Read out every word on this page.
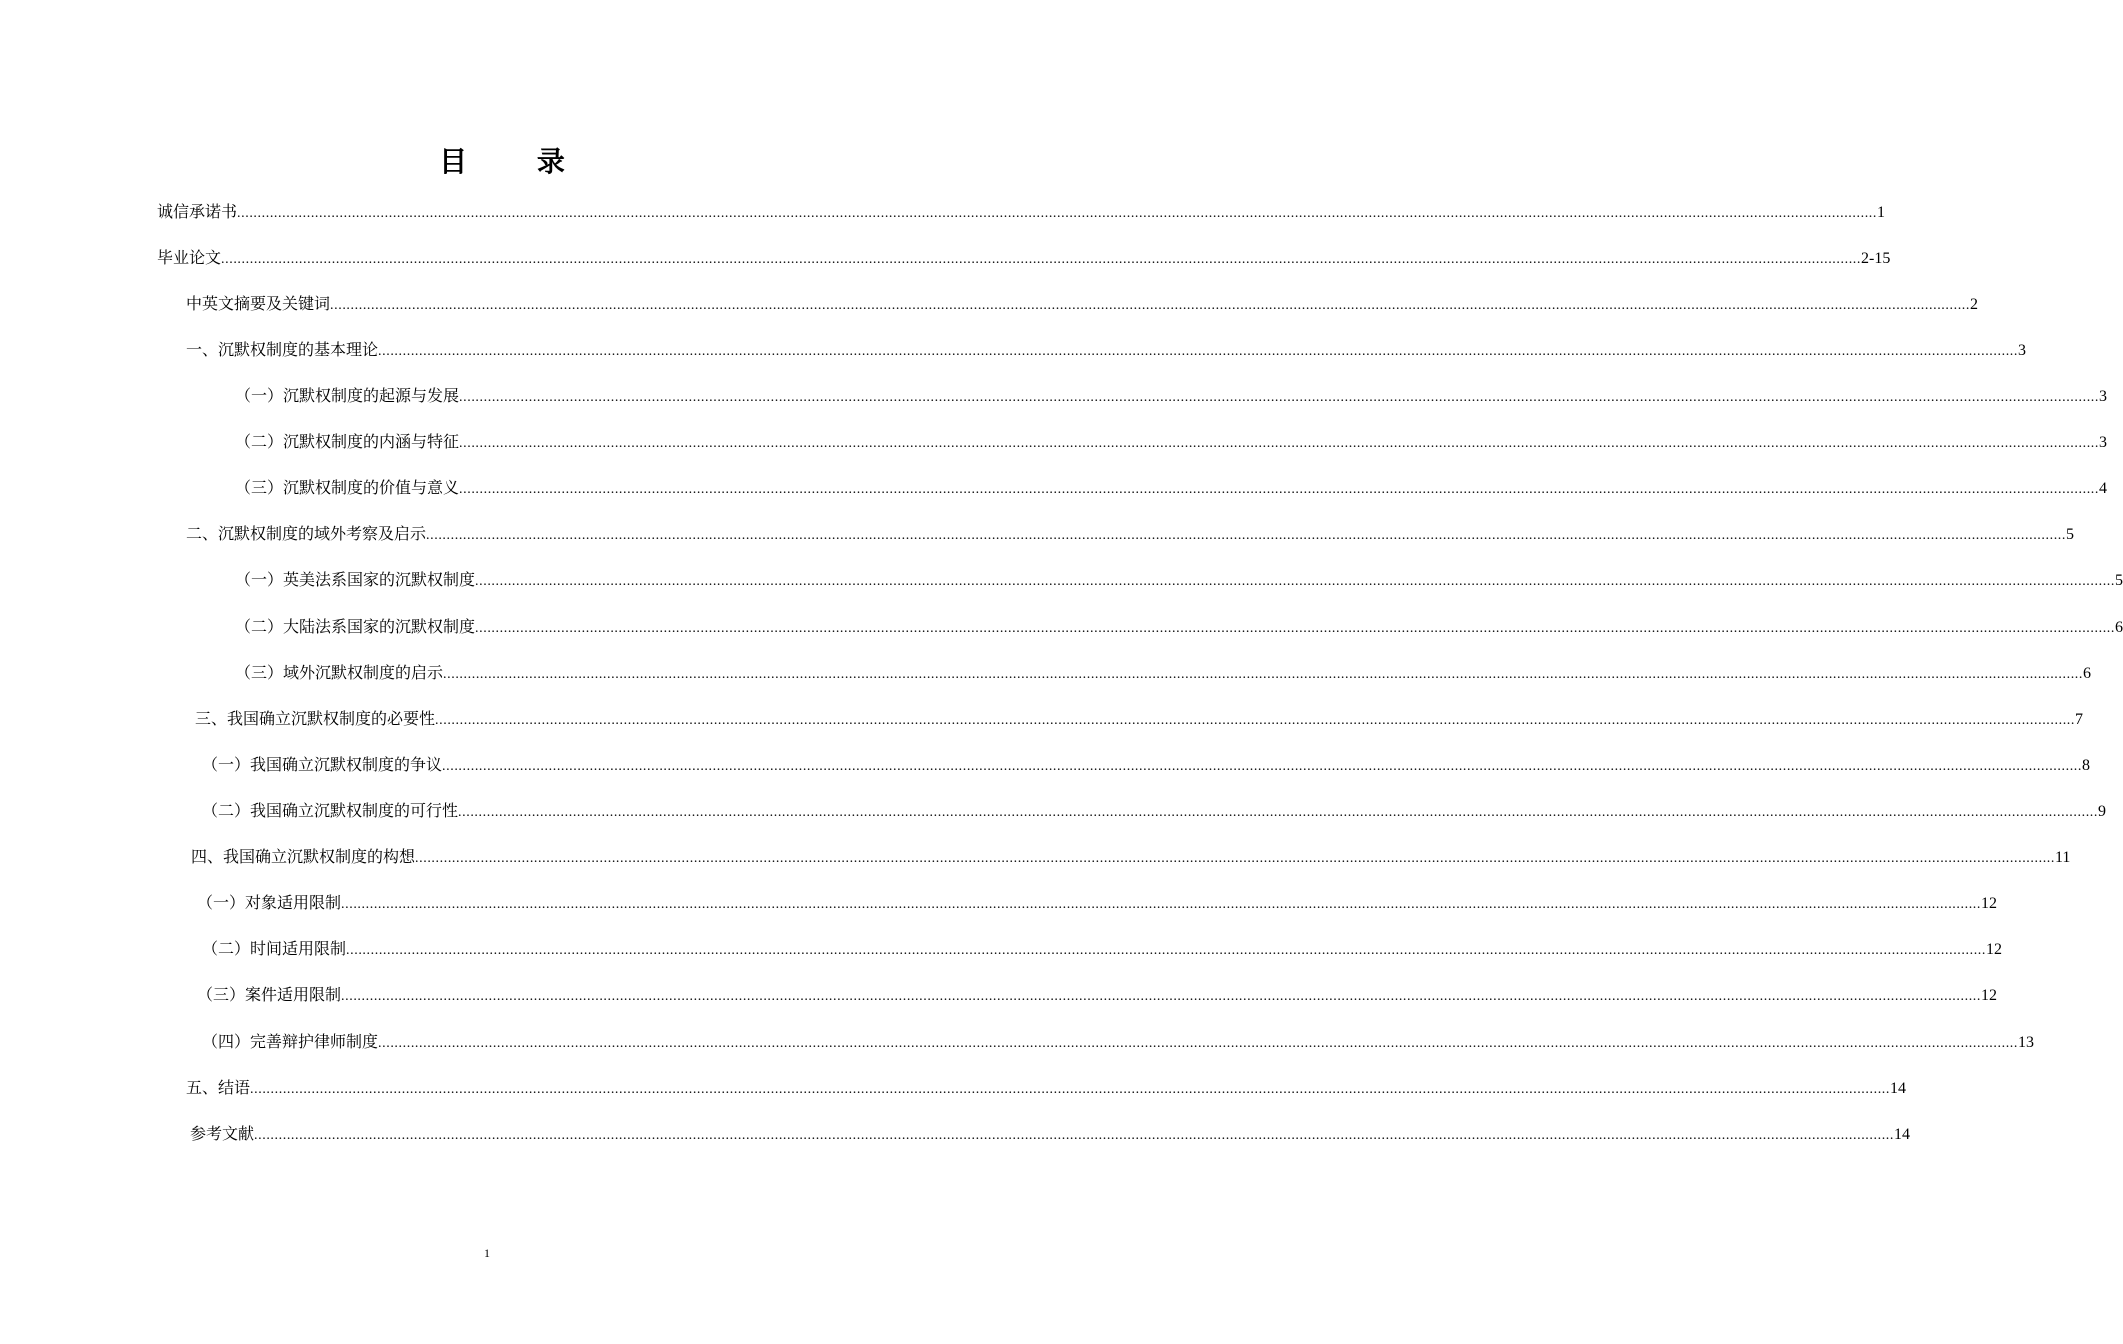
目 录
诚信承诺书 ................................................................................................................................................................................................................................................................................................................................................................................................................ 1
毕业论文 ................................................................................................................................................................................................................................................................................................................................................................................................................ 2-15
中英文摘要及关键词 ................................................................................................................................................................................................................................................................................................................................................................................................................ 2
一、沉默权制度的基本理论 ................................................................................................................................................................................................................................................................................................................................................................................................................ 3
（一）沉默权制度的起源与发展 ................................................................................................................................................................................................................................................................................................................................................................................................................ 3
（二）沉默权制度的内涵与特征 ................................................................................................................................................................................................................................................................................................................................................................................................................ 3
（三）沉默权制度的价值与意义 ................................................................................................................................................................................................................................................................................................................................................................................................................ 4
二、沉默权制度的域外考察及启示 ................................................................................................................................................................................................................................................................................................................................................................................................................ 5
（一）英美法系国家的沉默权制度 ................................................................................................................................................................................................................................................................................................................................................................................................................ 5
（二）大陆法系国家的沉默权制度 ................................................................................................................................................................................................................................................................................................................................................................................................................ 6
（三）域外沉默权制度的启示 ................................................................................................................................................................................................................................................................................................................................................................................................................ 6
三、我国确立沉默权制度的必要性 ................................................................................................................................................................................................................................................................................................................................................................................................................ 7
（一）我国确立沉默权制度的争议 ................................................................................................................................................................................................................................................................................................................................................................................................................ 8
（二）我国确立沉默权制度的可行性 ................................................................................................................................................................................................................................................................................................................................................................................................................ 9
四、我国确立沉默权制度的构想 ................................................................................................................................................................................................................................................................................................................................................................................................................ 11
（一）对象适用限制 ................................................................................................................................................................................................................................................................................................................................................................................................................ 12
（二）时间适用限制 ................................................................................................................................................................................................................................................................................................................................................................................................................ 12
（三）案件适用限制 ................................................................................................................................................................................................................................................................................................................................................................................................................ 12
（四）完善辩护律师制度 ................................................................................................................................................................................................................................................................................................................................................................................................................ 13
五、结语 ................................................................................................................................................................................................................................................................................................................................................................................................................ 14
参考文献 ................................................................................................................................................................................................................................................................................................................................................................................................................ 14
1
